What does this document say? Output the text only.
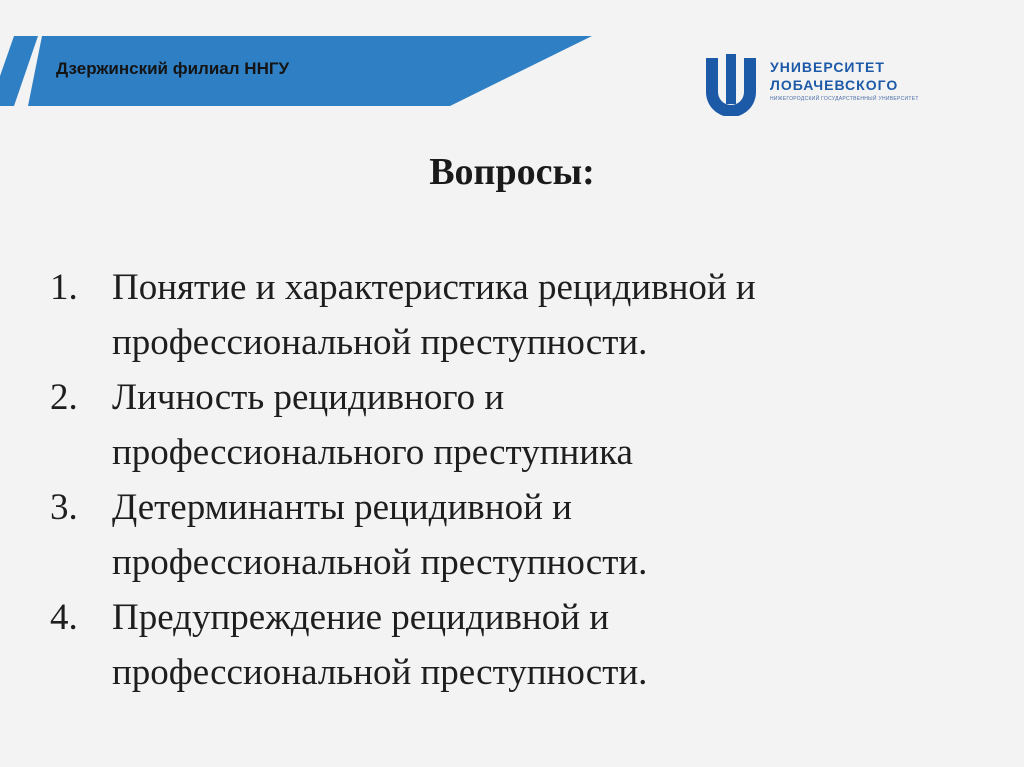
Дзержинский филиал ННГУ	УНИВЕРСИТЕТ
ЛОБАЧЕВСКОГО
НИЖЕГОРОДСКИЙ ГОСУДАРСТВЕННЫЙ УНИВЕРСИТЕТ
Вопросы:
1. Понятие и характеристика рецидивной и
профессиональной преступности.
2. Личность рецидивного и
профессионального преступника
3. Детерминанты рецидивной и
профессиональной преступности.
4. Предупреждение рецидивной и
профессиональной преступности.
